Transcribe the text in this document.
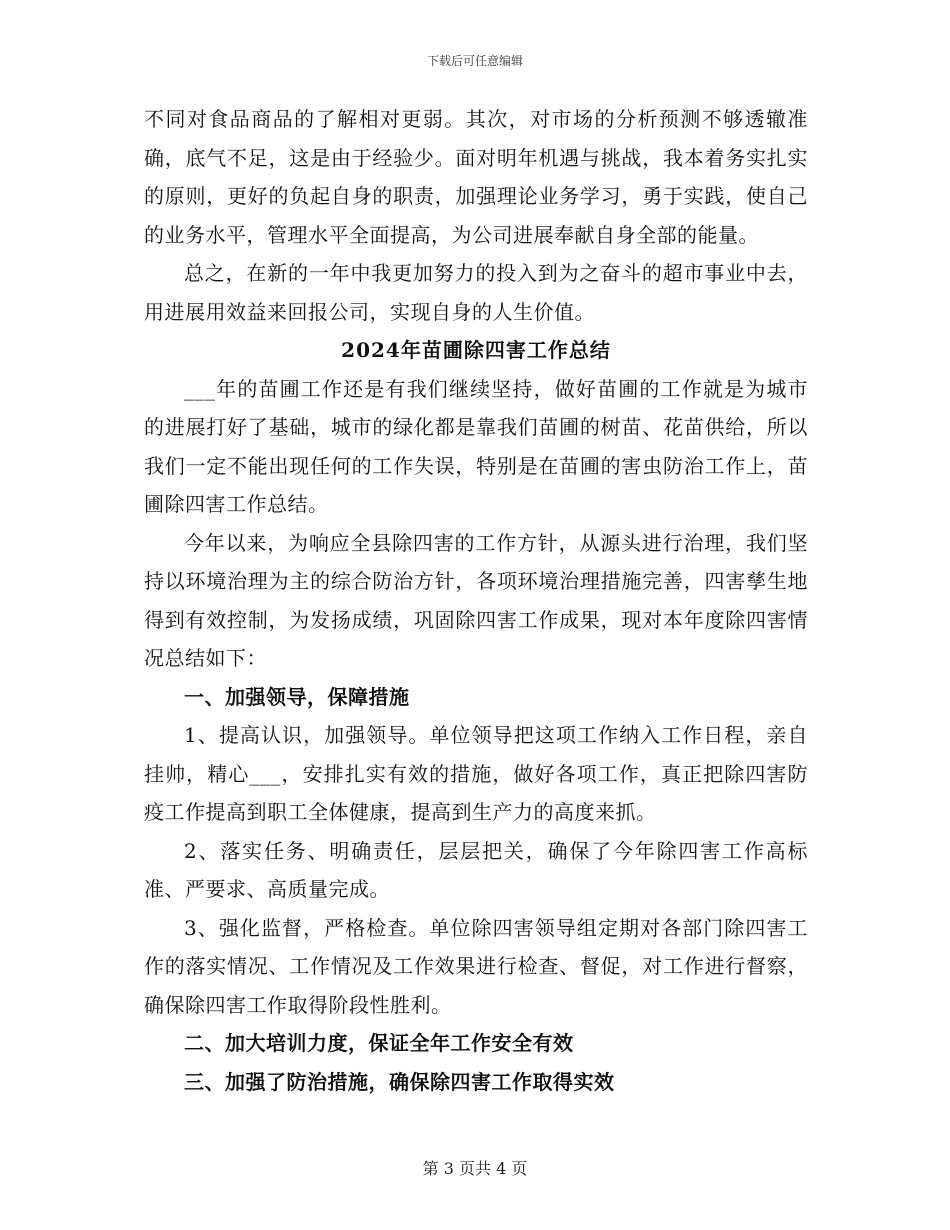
下载后可任意编辑

不同对食品商品的了解相对更弱。其次，对市场的分析预测不够透辙准确，底气不足，这是由于经验少。面对明年机遇与挑战，我本着务实扎实的原则，更好的负起自身的职责，加强理论业务学习，勇于实践，使自己的业务水平，管理水平全面提高，为公司进展奉献自身全部的能量。

总之，在新的一年中我更加努力的投入到为之奋斗的超市事业中去，用进展用效益来回报公司，实现自身的人生价值。

2024年苗圃除四害工作总结

___年的苗圃工作还是有我们继续坚持，做好苗圃的工作就是为城市的进展打好了基础，城市的绿化都是靠我们苗圃的树苗、花苗供给，所以我们一定不能出现任何的工作失误，特别是在苗圃的害虫防治工作上，苗圃除四害工作总结。

今年以来，为响应全县除四害的工作方针，从源头进行治理，我们坚持以环境治理为主的综合防治方针，各项环境治理措施完善，四害孳生地得到有效控制，为发扬成绩，巩固除四害工作成果，现对本年度除四害情况总结如下：

一、加强领导，保障措施

1、提高认识，加强领导。单位领导把这项工作纳入工作日程，亲自挂帅，精心___，安排扎实有效的措施，做好各项工作，真正把除四害防疫工作提高到职工全体健康，提高到生产力的高度来抓。

2、落实任务、明确责任，层层把关，确保了今年除四害工作高标准、严要求、高质量完成。

3、强化监督，严格检查。单位除四害领导组定期对各部门除四害工作的落实情况、工作情况及工作效果进行检查、督促，对工作进行督察，确保除四害工作取得阶段性胜利。

二、加大培训力度，保证全年工作安全有效

三、加强了防治措施，确保除四害工作取得实效

第 3 页共 4 页
